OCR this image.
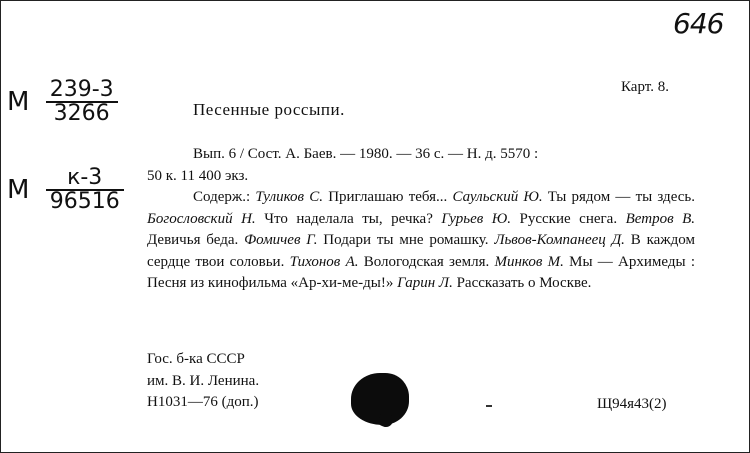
646
М $\frac{239-3}{3266}$
М $\frac{к-3}{96516}$
Карт. 8.
Песенные россыпи.

Вып. 6 / Сост. А. Баев. — 1980. — 36 с. — Н. д. 5570 :

50 к. 11 400 экз.

Содерж.: Туликов С. Приглашаю тебя... Саульский Ю. Ты рядом — ты здесь. Богословский Н. Что наделала ты, речка? Гурьев Ю. Русские снега. Ветров В. Девичья беда. Фомичев Г. Подари ты мне ромашку. Львов-Компанеец Д. В каждом сердце твои соловьи. Тихонов А. Вологодская земля. Минков М. Мы — Архимеды : Песня из кинофильма «Ар-хи-ме-ды!» Гарин Л. Рассказать о Москве.

Гос. б-ка СССР
им. В. И. Ленина.
Н1031—76 (доп.)	Щ94я43(2)
